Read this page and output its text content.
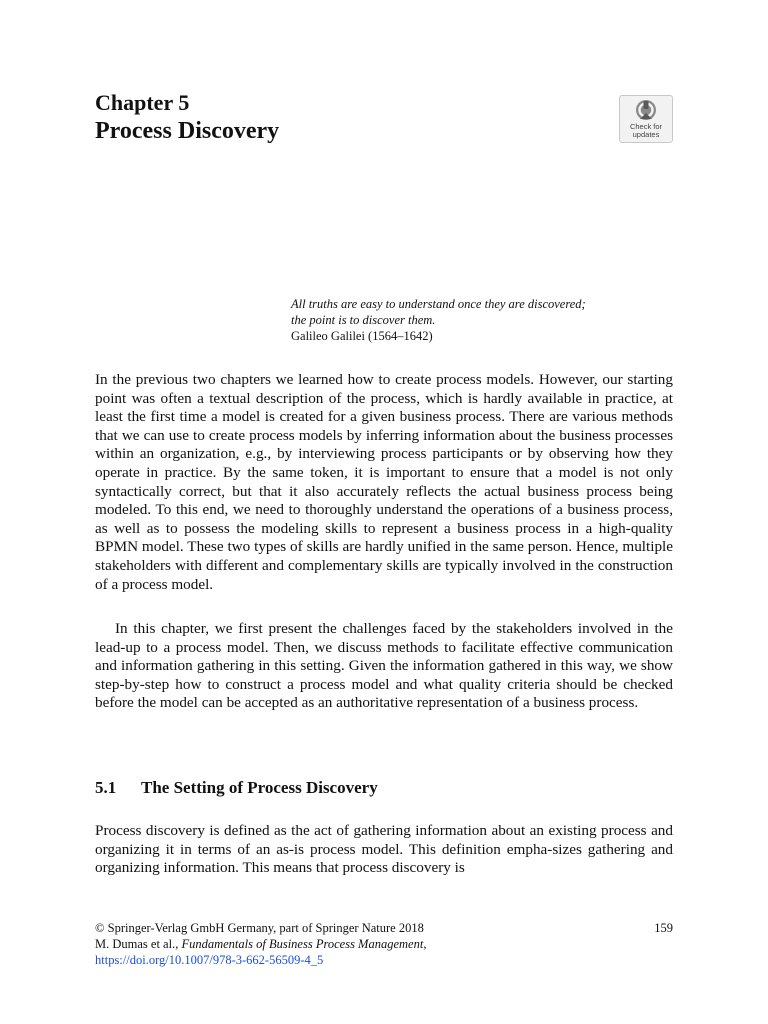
Chapter 5
Process Discovery	Check for
updates
All truths are easy to understand once they are discovered;
the point is to discover them.
Galileo Galilei (1564–1642)

In the previous two chapters we learned how to create process models. However, our starting point was often a textual description of the process, which is hardly available in practice, at least the first time a model is created for a given business process. There are various methods that we can use to create process models by inferring information about the business processes within an organization, e.g., by interviewing process participants or by observing how they operate in practice. By the same token, it is important to ensure that a model is not only syntactically correct, but that it also accurately reflects the actual business process being modeled. To this end, we need to thoroughly understand the operations of a business process, as well as to possess the modeling skills to represent a business process in a high-quality BPMN model. These two types of skills are hardly unified in the same person. Hence, multiple stakeholders with different and complementary skills are typically involved in the construction of a process model.

In this chapter, we first present the challenges faced by the stakeholders involved in the lead-up to a process model. Then, we discuss methods to facilitate effective communication and information gathering in this setting. Given the information gathered in this way, we show step-by-step how to construct a process model and what quality criteria should be checked before the model can be accepted as an authoritative representation of a business process.

5.1 The Setting of Process Discovery

Process discovery is defined as the act of gathering information about an existing process and organizing it in terms of an as-is process model. This definition empha-sizes gathering and organizing information. This means that process discovery is

© Springer-Verlag GmbH Germany, part of Springer Nature 2018
M. Dumas et al., Fundamentals of Business Process Management,
https://doi.org/10.1007/978-3-662-56509-4_5
159
